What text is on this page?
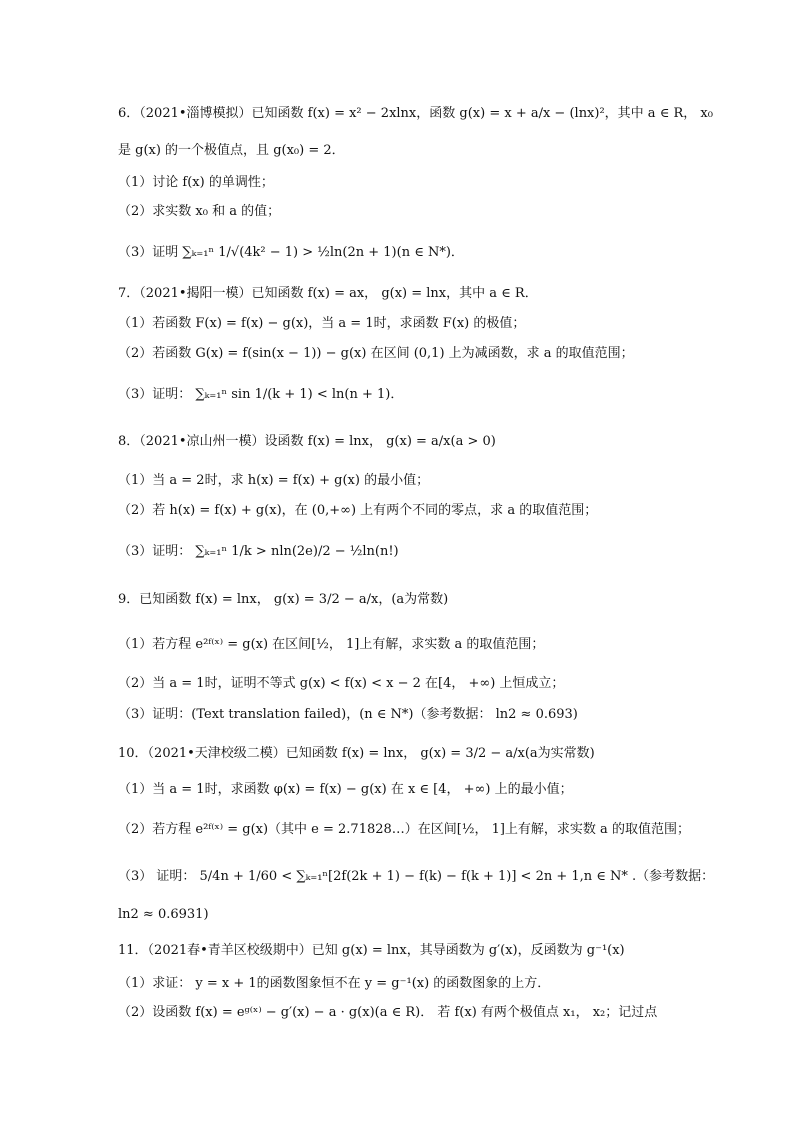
6．（2021•淄博模拟）已知函数 f(x) = x² − 2xlnx，函数 g(x) = x + a/x − (lnx)²，其中 a ∈ R， x₀
是 g(x) 的一个极值点，且 g(x₀) = 2．
（1）讨论 f(x) 的单调性；
（2）求实数 x₀ 和 a 的值；
（3）证明 ∑ₖ₌₁ⁿ 1/√(4k² − 1) > ½ln(2n + 1)(n ∈ N*)．
7．（2021•揭阳一模）已知函数 f(x) = ax， g(x) = lnx，其中 a ∈ R．
（1）若函数 F(x) = f(x) − g(x)，当 a = 1时，求函数 F(x) 的极值；
（2）若函数 G(x) = f(sin(x − 1)) − g(x) 在区间 (0,1) 上为减函数，求 a 的取值范围；
（3）证明： ∑ₖ₌₁ⁿ sin 1/(k + 1) < ln(n + 1)．
8．（2021•凉山州一模）设函数 f(x) = lnx， g(x) = a/x(a > 0)
（1）当 a = 2时，求 h(x) = f(x) + g(x) 的最小值；
（2）若 h(x) = f(x) + g(x)，在 (0,+∞) 上有两个不同的零点，求 a 的取值范围；
（3）证明： ∑ₖ₌₁ⁿ 1/k > nln(2e)/2 − ½ln(n!)
9．已知函数 f(x) = lnx， g(x) = 3/2 − a/x，(a为常数)
（1）若方程 e²ᶠ⁽ˣ⁾ = g(x) 在区间[½， 1]上有解，求实数 a 的取值范围；
（2）当 a = 1时，证明不等式 g(x) < f(x) < x − 2 在[4， +∞) 上恒成立；
（3）证明：(Text translation failed)，(n ∈ N*)（参考数据： ln2 ≈ 0.693)
10．（2021•天津校级二模）已知函数 f(x) = lnx， g(x) = 3/2 − a/x(a为实常数)
（1）当 a = 1时，求函数 φ(x) = f(x) − g(x) 在 x ∈ [4， +∞) 上的最小值；
（2）若方程 e²ᶠ⁽ˣ⁾ = g(x)（其中 e = 2.71828…）在区间[½， 1]上有解，求实数 a 的取值范围；
（3） 证明： 5/4n + 1/60 < ∑ₖ₌₁ⁿ[2f(2k + 1) − f(k) − f(k + 1)] < 2n + 1,n ∈ N* .（参考数据：
ln2 ≈ 0.6931)
11．（2021春•青羊区校级期中）已知 g(x) = lnx，其导函数为 g′(x)，反函数为 g⁻¹(x)
（1）求证： y = x + 1的函数图象恒不在 y = g⁻¹(x) 的函数图象的上方．
（2）设函数 f(x) = eᵍ⁽ˣ⁾ − g′(x) − a · g(x)(a ∈ R)． 若 f(x) 有两个极值点 x₁， x₂；记过点
